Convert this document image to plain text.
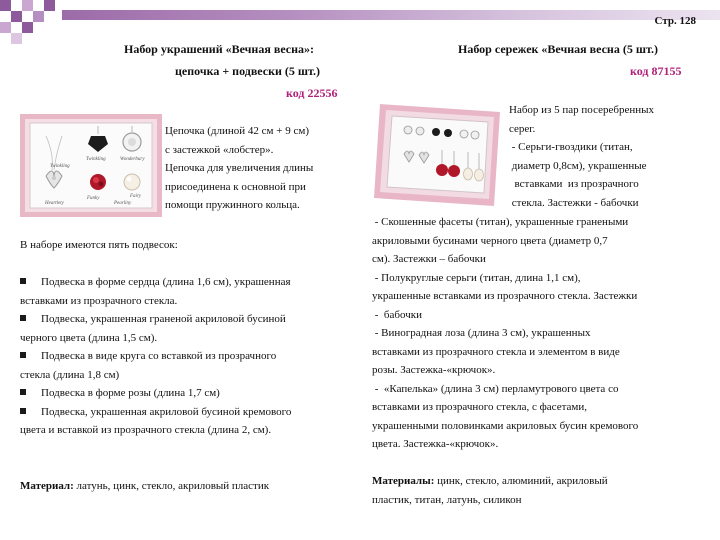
Стр. 128
Набор украшений «Вечная весна»:
цепочка + подвески (5 шт.)
код 22556
Heartlety	Pearliny
Funky
Twinkling	Wonderbury
Twinkling
Fairy
Цепочка (длиной 42 см + 9 см)
с застежкой «лобстер».
Цепочка для увеличения длины
присоединена к основной при
помощи пружинного кольца.
В наборе имеются пять подвесок:
Подвеска в форме сердца (длина 1,6 см), украшенная
вставками из прозрачного стекла.
Подвеска, украшенная граненой акриловой бусиной
черного цвета (длина 1,5 см).
Подвеска в виде круга со вставкой из прозрачного
стекла (длина 1,8 см)
Подвеска в форме розы (длина 1,7 см)
Подвеска, украшенная акриловой бусиной кремового
цвета и вставкой из прозрачного стекла (длина 2, см).
Материал: латунь, цинк, стекло, акриловый пластик
Набор сережек «Вечная весна (5 шт.)
код 87155
Набор из 5 пар посеребренных
серег.
- Серьги-гвоздики (титан,
диаметр 0,8см), украшенные
вставками  из прозрачного
стекла. Застежки - бабочки
- Скошенные фасеты (титан), украшенные гранеными
акриловыми бусинами черного цвета (диаметр 0,7
см). Застежки – бабочки
- Полукруглые серьги (титан, длина 1,1 см),
украшенные вставками из прозрачного стекла. Застежки
-  бабочки
- Виноградная лоза (длина 3 см), украшенных
вставками из прозрачного стекла и элементом в виде
розы. Застежка-«крючок».
-  «Капелька» (длина 3 см) перламутрового цвета со
вставками из прозрачного стекла, с фасетами,
украшенными половинками акриловых бусин кремового
цвета. Застежка-«крючок».
Материалы: цинк, стекло, алюминий, акриловый
пластик, титан, латунь, силикон
